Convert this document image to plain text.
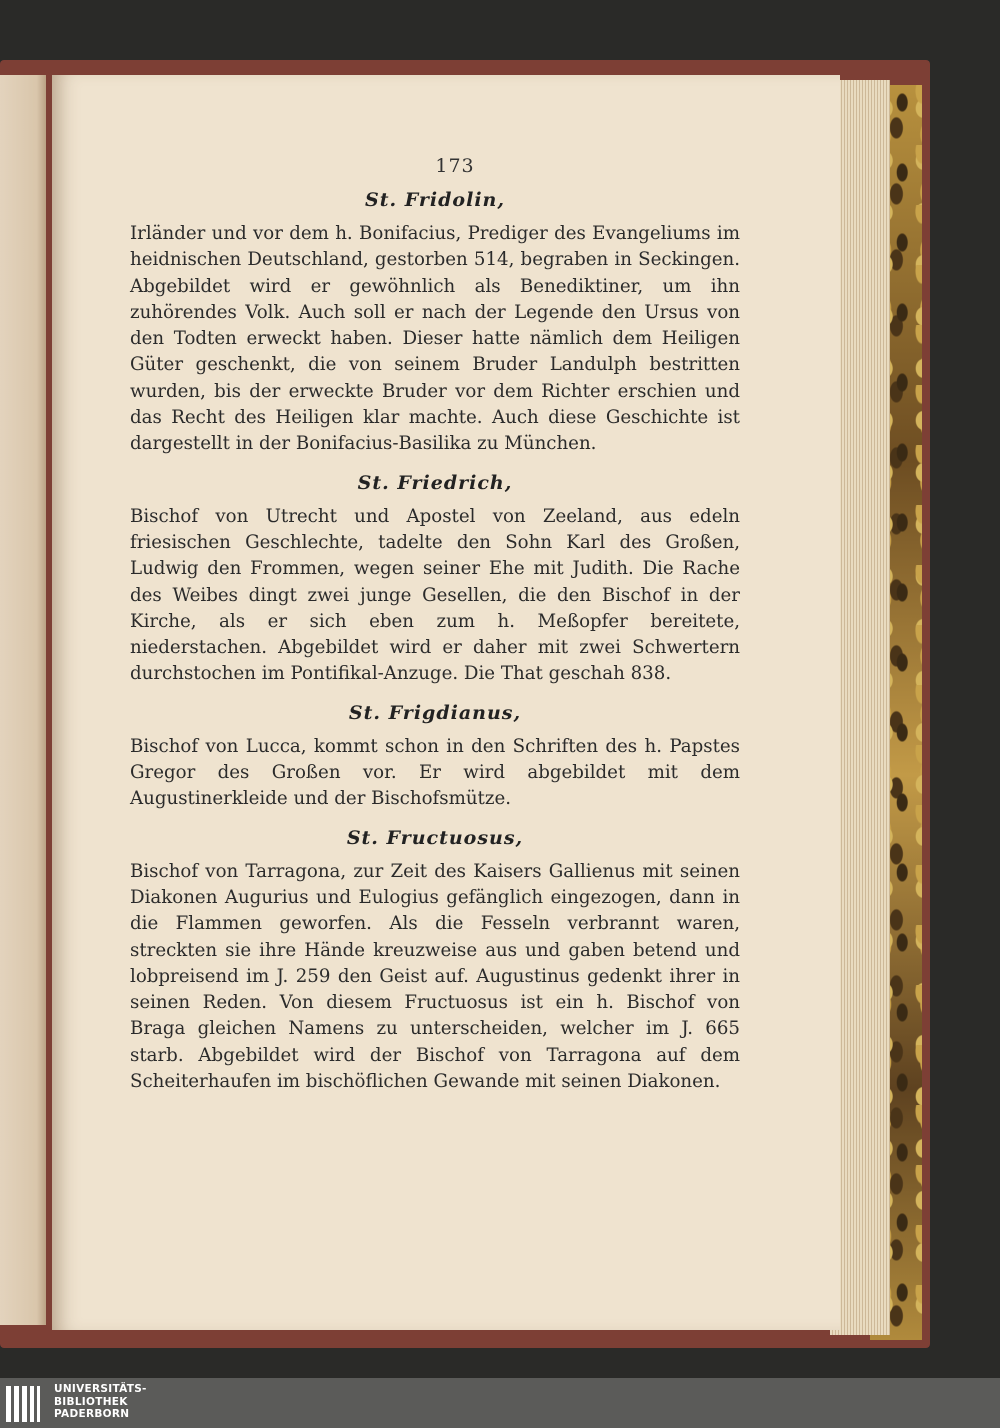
173
St. Fridolin,

Irländer und vor dem h. Bonifacius, Prediger des Evangeliums im heidnischen Deutschland, gestorben 514, begraben in Seckingen. Abgebildet wird er gewöhnlich als Benediktiner, um ihn zuhörendes Volk. Auch soll er nach der Legende den Ursus von den Todten erweckt haben. Dieser hatte nämlich dem Heiligen Güter geschenkt, die von seinem Bruder Landulph bestritten wurden, bis der erweckte Bruder vor dem Richter erschien und das Recht des Heiligen klar machte. Auch diese Geschichte ist dargestellt in der Bonifacius-Basilika zu München.

St. Friedrich,

Bischof von Utrecht und Apostel von Zeeland, aus edeln friesischen Geschlechte, tadelte den Sohn Karl des Großen, Ludwig den Frommen, wegen seiner Ehe mit Judith. Die Rache des Weibes dingt zwei junge Gesellen, die den Bischof in der Kirche, als er sich eben zum h. Meßopfer bereitete, niederstachen. Abgebildet wird er daher mit zwei Schwertern durchstochen im Pontifikal-Anzuge. Die That geschah 838.

St. Frigdianus,

Bischof von Lucca, kommt schon in den Schriften des h. Papstes Gregor des Großen vor. Er wird abgebildet mit dem Augustinerkleide und der Bischofsmütze.

St. Fructuosus,

Bischof von Tarragona, zur Zeit des Kaisers Gallienus mit seinen Diakonen Augurius und Eulogius gefänglich eingezogen, dann in die Flammen geworfen. Als die Fesseln verbrannt waren, streckten sie ihre Hände kreuzweise aus und gaben betend und lobpreisend im J. 259 den Geist auf. Augustinus gedenkt ihrer in seinen Reden. Von diesem Fructuosus ist ein h. Bischof von Braga gleichen Namens zu unterscheiden, welcher im J. 665 starb. Abgebildet wird der Bischof von Tarragona auf dem Scheiterhaufen im bischöflichen Gewande mit seinen Diakonen.

UNIVERSITÄTS-
BIBLIOTHEK
PADERBORN
